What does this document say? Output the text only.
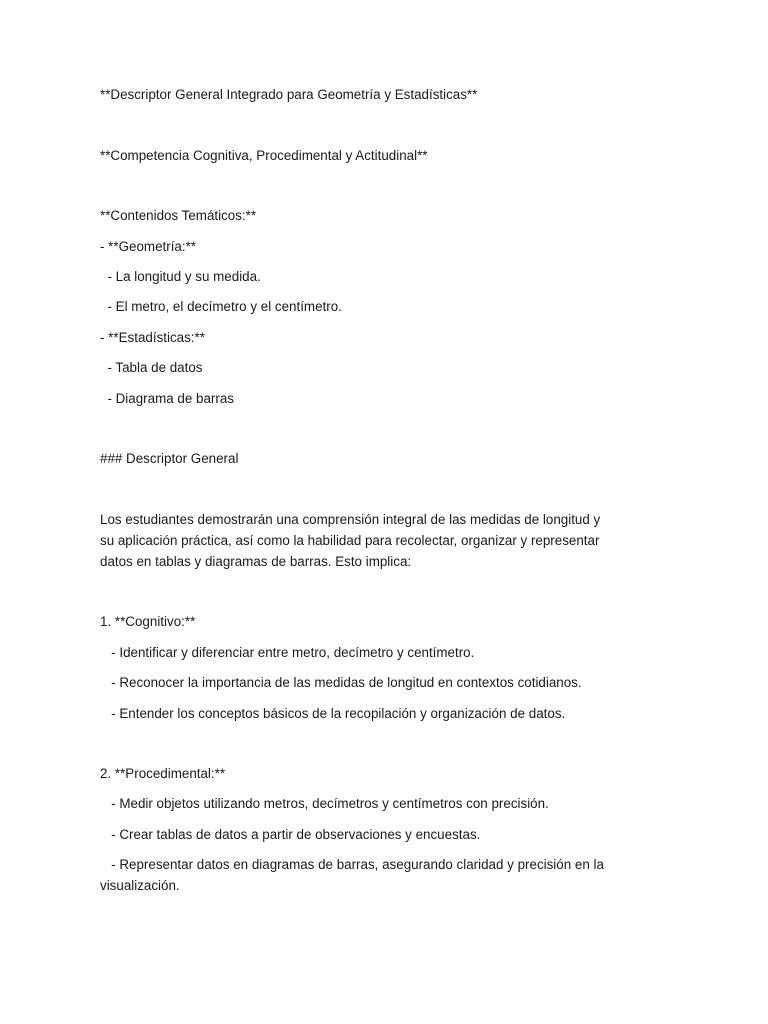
**Descriptor General Integrado para Geometría y Estadísticas**

**Competencia Cognitiva, Procedimental y Actitudinal**

**Contenidos Temáticos:**

- **Geometría:**

- La longitud y su medida.

- El metro, el decímetro y el centímetro.

- **Estadísticas:**

- Tabla de datos

- Diagrama de barras

### Descriptor General

Los estudiantes demostrarán una comprensión integral de las medidas de longitud y su aplicación práctica, así como la habilidad para recolectar, organizar y representar datos en tablas y diagramas de barras. Esto implica:

1. **Cognitivo:**

- Identificar y diferenciar entre metro, decímetro y centímetro.

- Reconocer la importancia de las medidas de longitud en contextos cotidianos.

- Entender los conceptos básicos de la recopilación y organización de datos.

2. **Procedimental:**

- Medir objetos utilizando metros, decímetros y centímetros con precisión.

- Crear tablas de datos a partir de observaciones y encuestas.

- Representar datos en diagramas de barras, asegurando claridad y precisión en la visualización.
